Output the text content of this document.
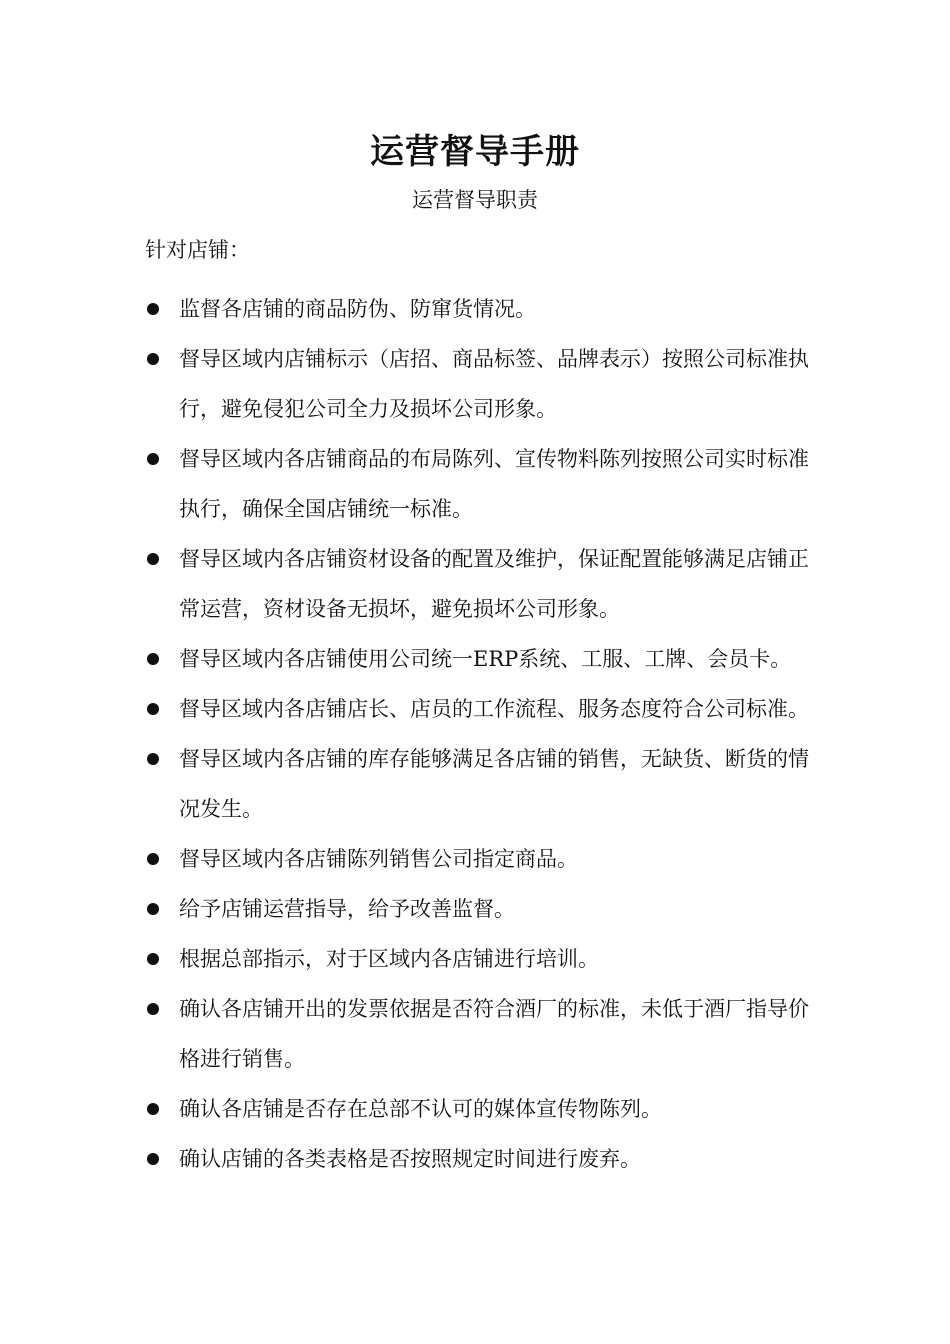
运营督导手册
运营督导职责
针对店铺：
监督各店铺的商品防伪、防窜货情况。
督导区域内店铺标示（店招、商品标签、品牌表示）按照公司标准执行，避免侵犯公司全力及损坏公司形象。
督导区域内各店铺商品的布局陈列、宣传物料陈列按照公司实时标准执行，确保全国店铺统一标准。
督导区域内各店铺资材设备的配置及维护，保证配置能够满足店铺正常运营，资材设备无损坏，避免损坏公司形象。
督导区域内各店铺使用公司统一ERP系统、工服、工牌、会员卡。
督导区域内各店铺店长、店员的工作流程、服务态度符合公司标准。
督导区域内各店铺的库存能够满足各店铺的销售，无缺货、断货的情况发生。
督导区域内各店铺陈列销售公司指定商品。
给予店铺运营指导，给予改善监督。
根据总部指示，对于区域内各店铺进行培训。
确认各店铺开出的发票依据是否符合酒厂的标准，未低于酒厂指导价格进行销售。
确认各店铺是否存在总部不认可的媒体宣传物陈列。
确认店铺的各类表格是否按照规定时间进行废弃。
